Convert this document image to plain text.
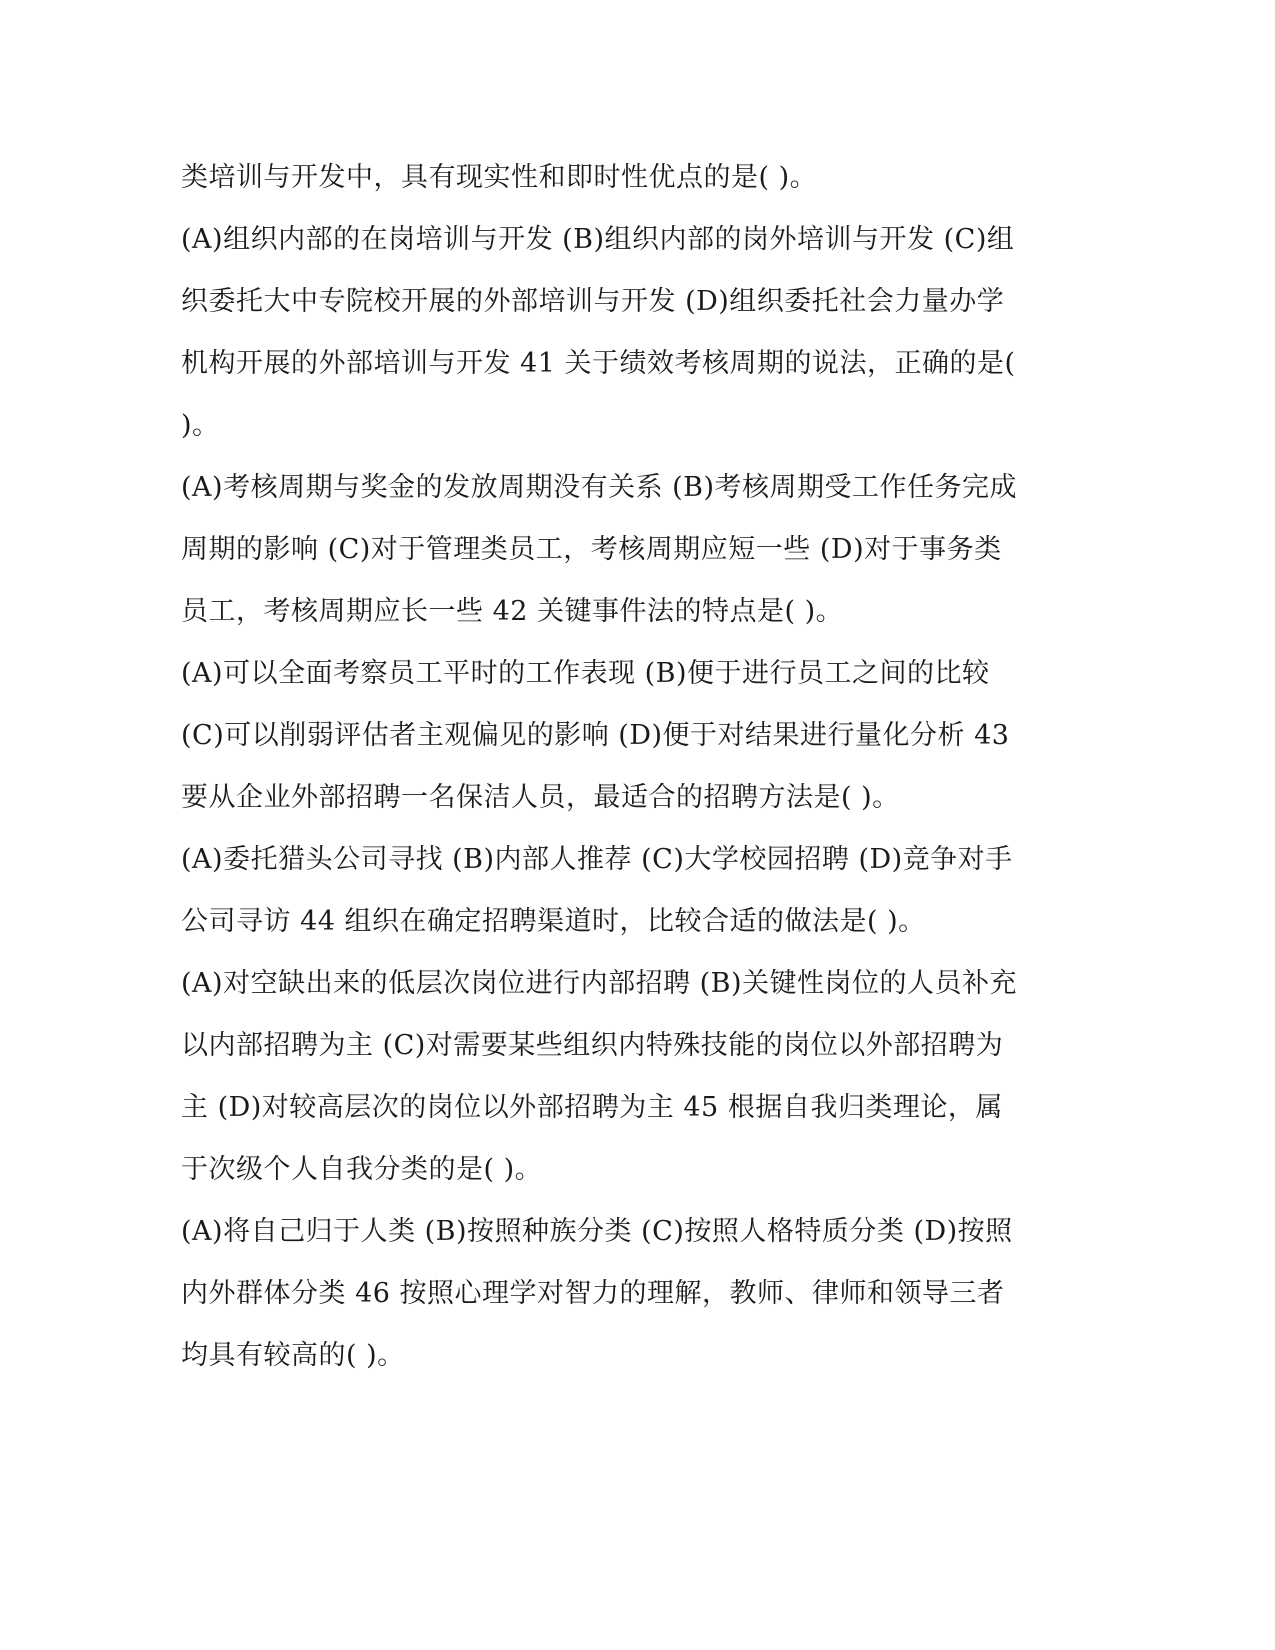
类培训与开发中，具有现实性和即时性优点的是( )。
(A)组织内部的在岗培训与开发 (B)组织内部的岗外培训与开发 (C)组
织委托大中专院校开展的外部培训与开发 (D)组织委托社会力量办学
机构开展的外部培训与开发 41 关于绩效考核周期的说法，正确的是(
)。
(A)考核周期与奖金的发放周期没有关系 (B)考核周期受工作任务完成
周期的影响 (C)对于管理类员工，考核周期应短一些 (D)对于事务类
员工，考核周期应长一些 42 关键事件法的特点是( )。
(A)可以全面考察员工平时的工作表现 (B)便于进行员工之间的比较
(C)可以削弱评估者主观偏见的影响 (D)便于对结果进行量化分析 43
要从企业外部招聘一名保洁人员，最适合的招聘方法是( )。
(A)委托猎头公司寻找 (B)内部人推荐 (C)大学校园招聘 (D)竞争对手
公司寻访 44 组织在确定招聘渠道时，比较合适的做法是( )。
(A)对空缺出来的低层次岗位进行内部招聘 (B)关键性岗位的人员补充
以内部招聘为主 (C)对需要某些组织内特殊技能的岗位以外部招聘为
主 (D)对较高层次的岗位以外部招聘为主 45 根据自我归类理论，属
于次级个人自我分类的是( )。
(A)将自己归于人类 (B)按照种族分类 (C)按照人格特质分类 (D)按照
内外群体分类 46 按照心理学对智力的理解，教师、律师和领导三者
均具有较高的( )。
